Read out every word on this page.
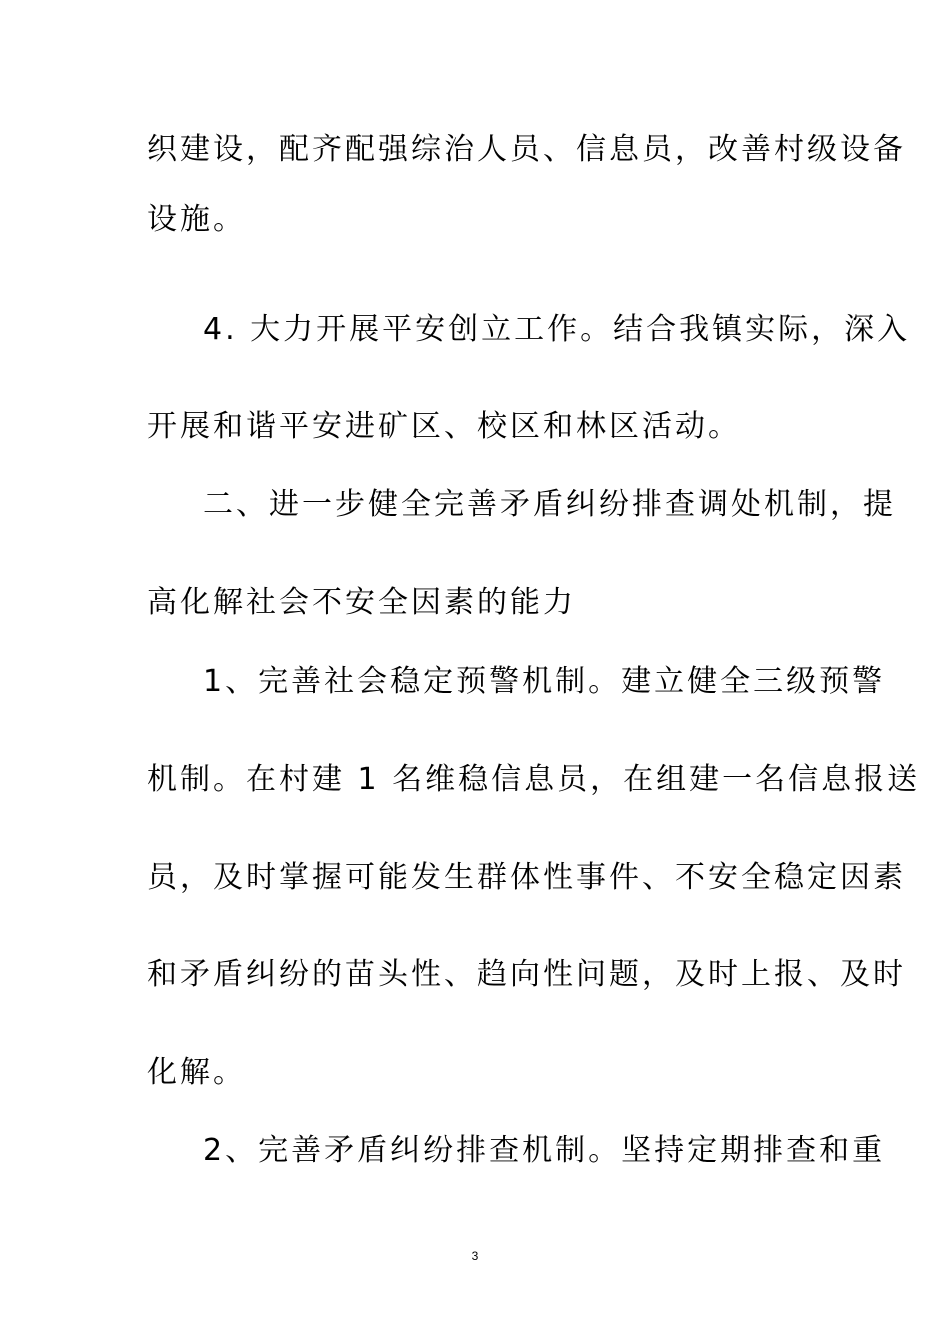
织建设，配齐配强综治人员、信息员，改善村级设备
设施。
4. 大力开展平安创立工作。结合我镇实际，深入
开展和谐平安进矿区、校区和林区活动。
二、进一步健全完善矛盾纠纷排查调处机制，提
高化解社会不安全因素的能力
1、完善社会稳定预警机制。建立健全三级预警
机制。在村建 1 名维稳信息员，在组建一名信息报送
员，及时掌握可能发生群体性事件、不安全稳定因素
和矛盾纠纷的苗头性、趋向性问题，及时上报、及时
化解。
2、完善矛盾纠纷排查机制。坚持定期排查和重
3
